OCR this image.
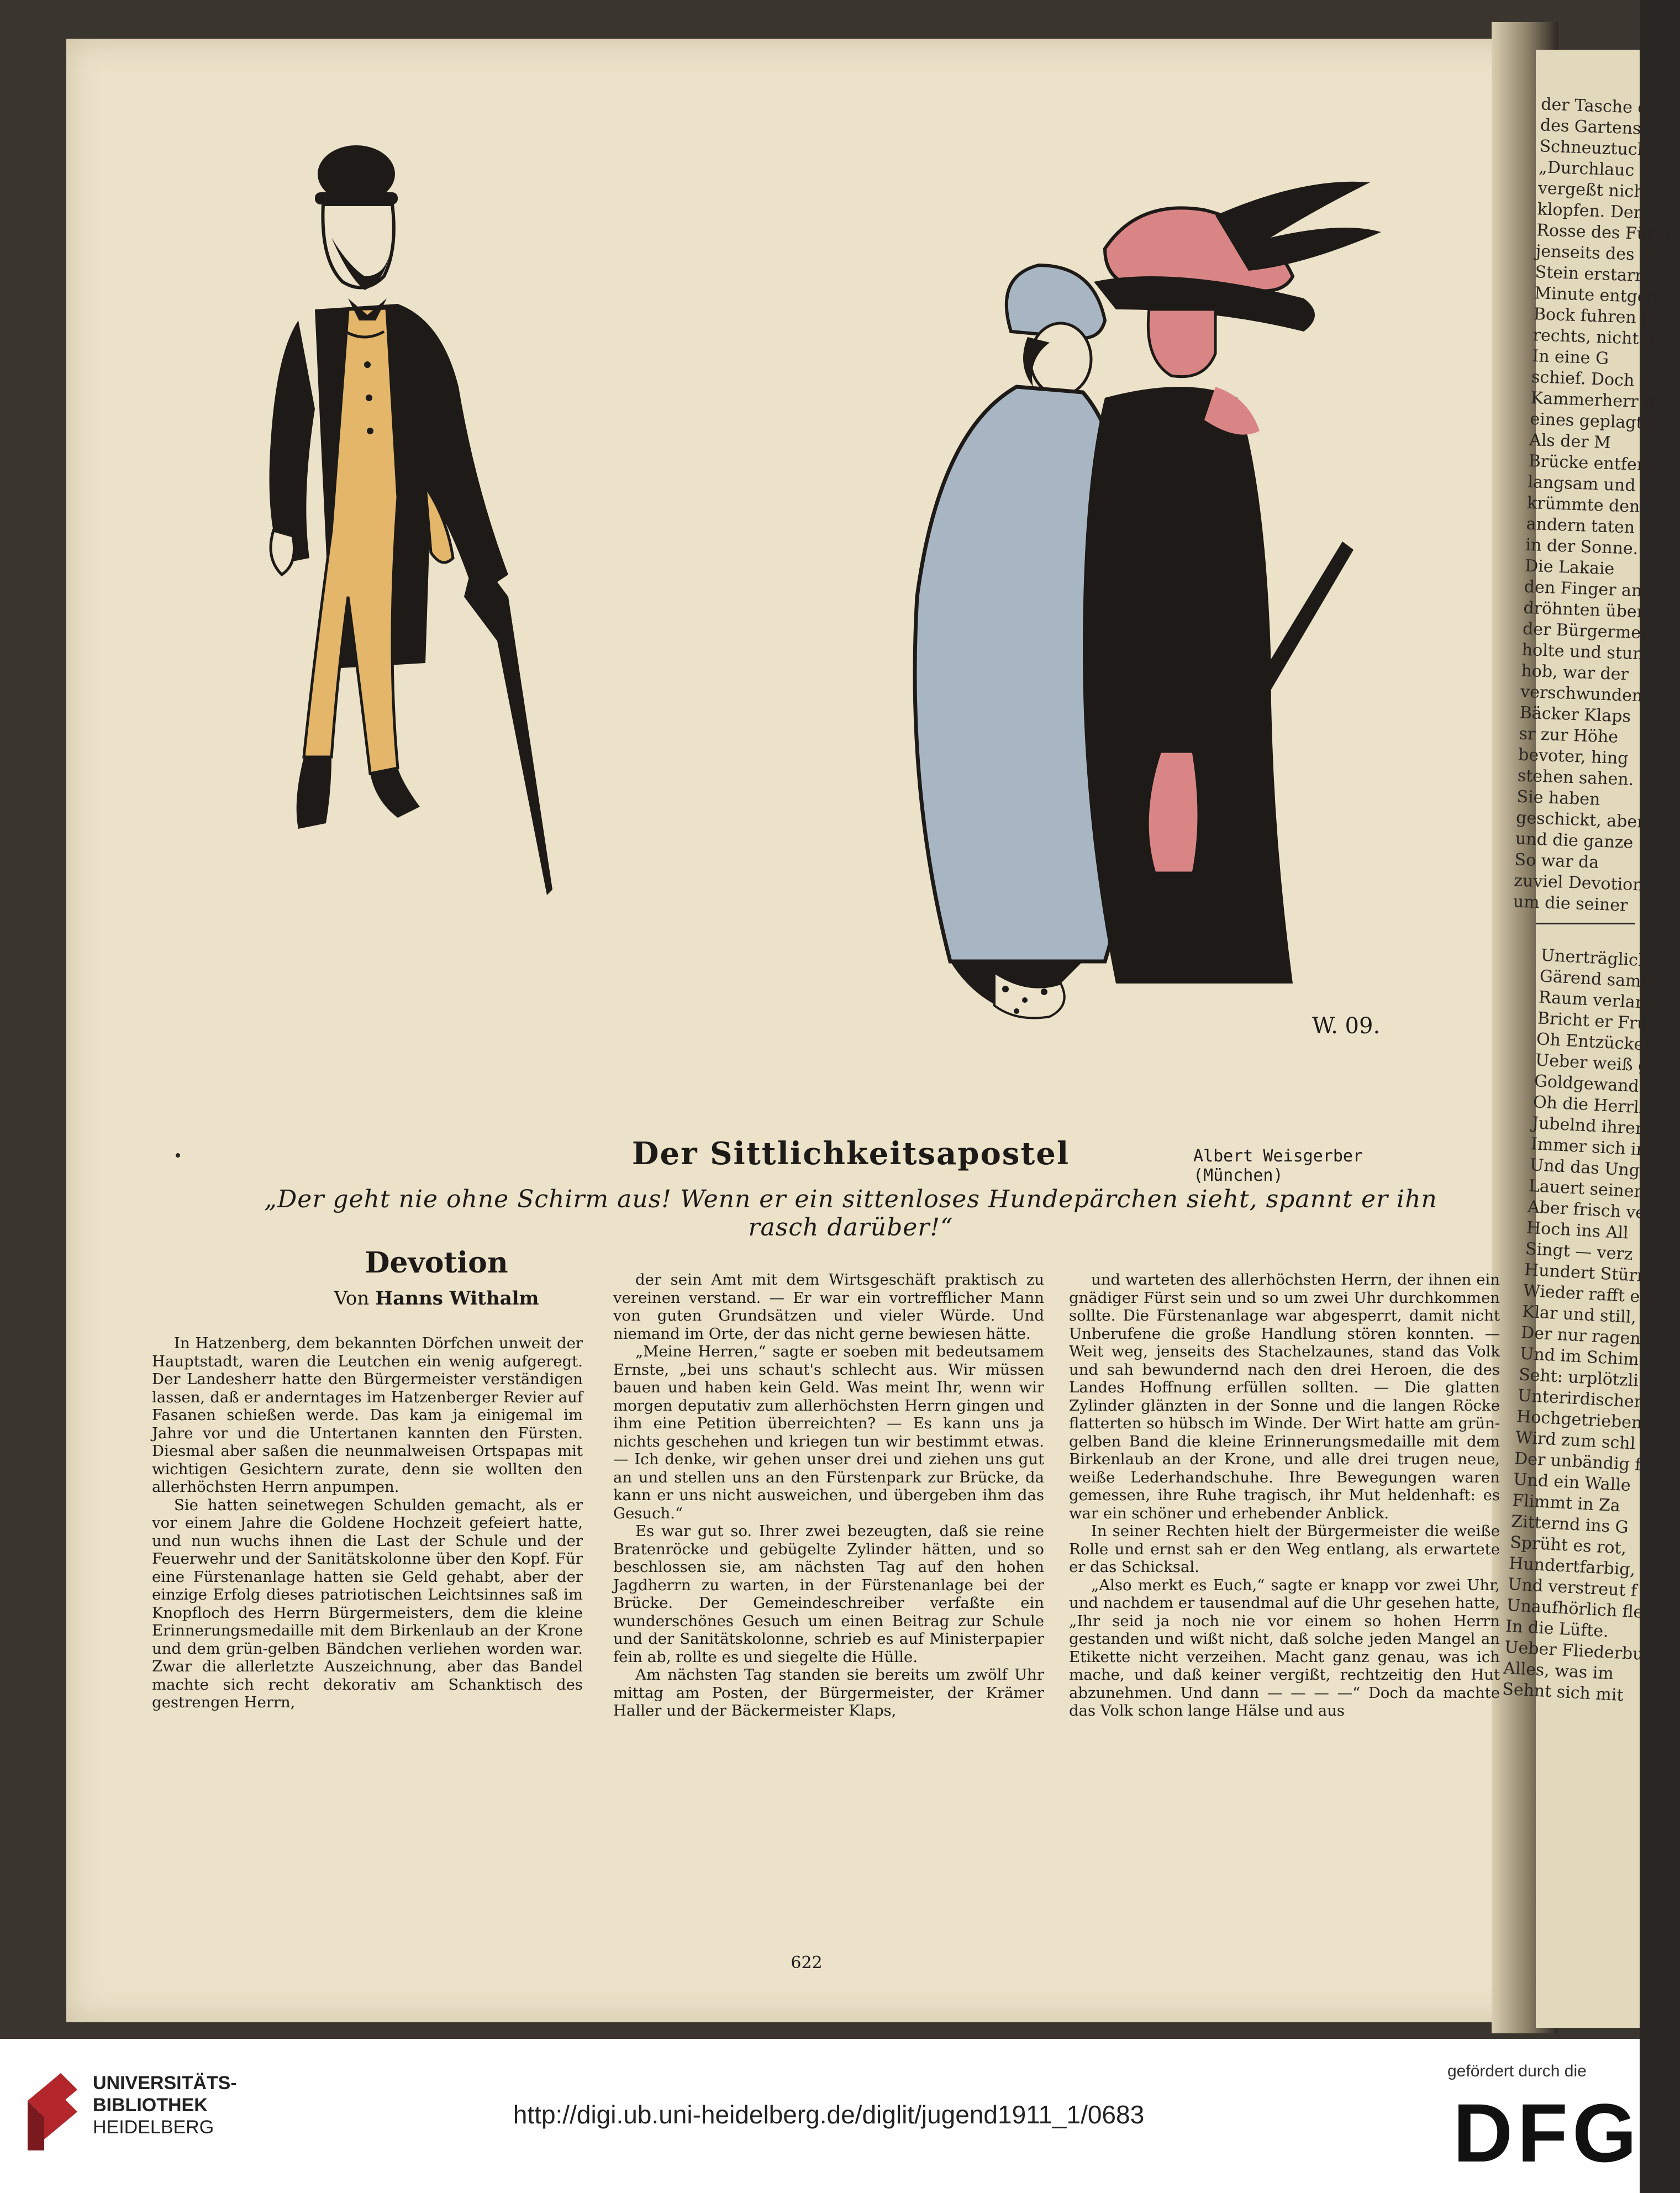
der Tasche de
des Gartens
Schneuztuch.
„Durchlauc
vergeßt nicht
klopfen. Den
Rosse des Fürst
jenseits des Z
Stein erstarrt
Minute entgeg
Bock fuhren g
rechts, nicht li
In eine G
schief. Doch
Kammerherr m
eines geplagte
Als der M
Brücke entfern
langsam und
krümmte den
andern taten n
in der Sonne.
Die Lakaie
den Finger an
dröhnten über
der Bürgermei
holte und stun
hob, war der
verschwunden.
Bäcker Klaps
sr zur Höhe
bevoter, hing
stehen sahen. -
Sie haben
geschickt, aber
und die ganze
So war da
zuviel Devotion
um die seiner
Unerträglich n
Gärend samm
Raum verlang
Bricht er Frü
Oh Entzücken
Ueber weiß g
Goldgewandet
Oh die Herrli
Jubelnd ihren
Immer sich ir
Und das Ung
Lauert seinem
Aber frisch ve
Hoch ins All
Singt — verz
Hundert Stürr
Wieder rafft e
Klar und still,
Der nur ragen
Und im Schim
Seht: urplötzli
Unterirdischen
Hochgetrieben
Wird zum schl
Der unbändig f
Und ein Walle
Flimmt in Za
Zitternd ins G
Sprüht es rot,
Hundertfarbig,
Und verstreut f
Unaufhörlich fle
In die Lüfte.
Ueber Fliederbu
Alles, was im
Sehnt sich mit
W. 09.
Der Sittlichkeitsapostel	Albert Weisgerber (München)
„Der geht nie ohne Schirm aus! Wenn er ein sittenloses Hundepärchen sieht, spannt er ihn rasch darüber!“
Devotion
Von Hanns Withalm

In Hatzenberg, dem bekannten Dörfchen unweit der Hauptstadt, waren die Leutchen ein wenig aufgeregt. Der Landesherr hatte den Bürgermeister verständigen lassen, daß er anderntages im Hatzenberger Revier auf Fasanen schießen werde. Das kam ja einigemal im Jahre vor und die Untertanen kannten den Fürsten. Diesmal aber saßen die neunmalweisen Ortspapas mit wichtigen Gesichtern zurate, denn sie wollten den allerhöchsten Herrn anpumpen.

Sie hatten seinetwegen Schulden gemacht, als er vor einem Jahre die Goldene Hochzeit gefeiert hatte, und nun wuchs ihnen die Last der Schule und der Feuerwehr und der Sanitätskolonne über den Kopf. Für eine Fürstenanlage hatten sie Geld gehabt, aber der einzige Erfolg dieses patriotischen Leichtsinnes saß im Knopfloch des Herrn Bürgermeisters, dem die kleine Erinnerungsmedaille mit dem Birkenlaub an der Krone und dem grün-gelben Bändchen verliehen worden war. Zwar die allerletzte Auszeichnung, aber das Bandel machte sich recht dekorativ am Schanktisch des gestrengen Herrn,

der sein Amt mit dem Wirtsgeschäft praktisch zu vereinen verstand. — Er war ein vortrefflicher Mann von guten Grundsätzen und vieler Würde. Und niemand im Orte, der das nicht gerne bewiesen hätte.

„Meine Herren,“ sagte er soeben mit bedeutsamem Ernste, „bei uns schaut's schlecht aus. Wir müssen bauen und haben kein Geld. Was meint Ihr, wenn wir morgen deputativ zum allerhöchsten Herrn gingen und ihm eine Petition überreichten? — Es kann uns ja nichts geschehen und kriegen tun wir bestimmt etwas. — Ich denke, wir gehen unser drei und ziehen uns gut an und stellen uns an den Fürstenpark zur Brücke, da kann er uns nicht ausweichen, und übergeben ihm das Gesuch.“

Es war gut so. Ihrer zwei bezeugten, daß sie reine Bratenröcke und gebügelte Zylinder hätten, und so beschlossen sie, am nächsten Tag auf den hohen Jagdherrn zu warten, in der Fürstenanlage bei der Brücke. Der Gemeindeschreiber verfaßte ein wunderschönes Gesuch um einen Beitrag zur Schule und der Sanitätskolonne, schrieb es auf Ministerpapier fein ab, rollte es und siegelte die Hülle.

Am nächsten Tag standen sie bereits um zwölf Uhr mittag am Posten, der Bürgermeister, der Krämer Haller und der Bäckermeister Klaps,

und warteten des allerhöchsten Herrn, der ihnen ein gnädiger Fürst sein und so um zwei Uhr durchkommen sollte. Die Fürstenanlage war abgesperrt, damit nicht Unberufene die große Handlung stören konnten. — Weit weg, jenseits des Stachelzaunes, stand das Volk und sah bewundernd nach den drei Heroen, die des Landes Hoffnung erfüllen sollten. — Die glatten Zylinder glänzten in der Sonne und die langen Röcke flatterten so hübsch im Winde. Der Wirt hatte am grün-gelben Band die kleine Erinnerungsmedaille mit dem Birkenlaub an der Krone, und alle drei trugen neue, weiße Lederhandschuhe. Ihre Bewegungen waren gemessen, ihre Ruhe tragisch, ihr Mut heldenhaft: es war ein schöner und erhebender Anblick.

In seiner Rechten hielt der Bürgermeister die weiße Rolle und ernst sah er den Weg entlang, als erwartete er das Schicksal.

„Also merkt es Euch,“ sagte er knapp vor zwei Uhr, und nachdem er tausendmal auf die Uhr gesehen hatte, „Ihr seid ja noch nie vor einem so hohen Herrn gestanden und wißt nicht, daß solche jeden Mangel an Etikette nicht verzeihen. Macht ganz genau, was ich mache, und daß keiner vergißt, rechtzeitig den Hut abzunehmen. Und dann — — — —“ Doch da machte das Volk schon lange Hälse und aus

622
UNIVERSITÄTS-
BIBLIOTHEK
HEIDELBERG	http://digi.ub.uni-heidelberg.de/diglit/jugend1911_1/0683
gefördert durch die
DFG
